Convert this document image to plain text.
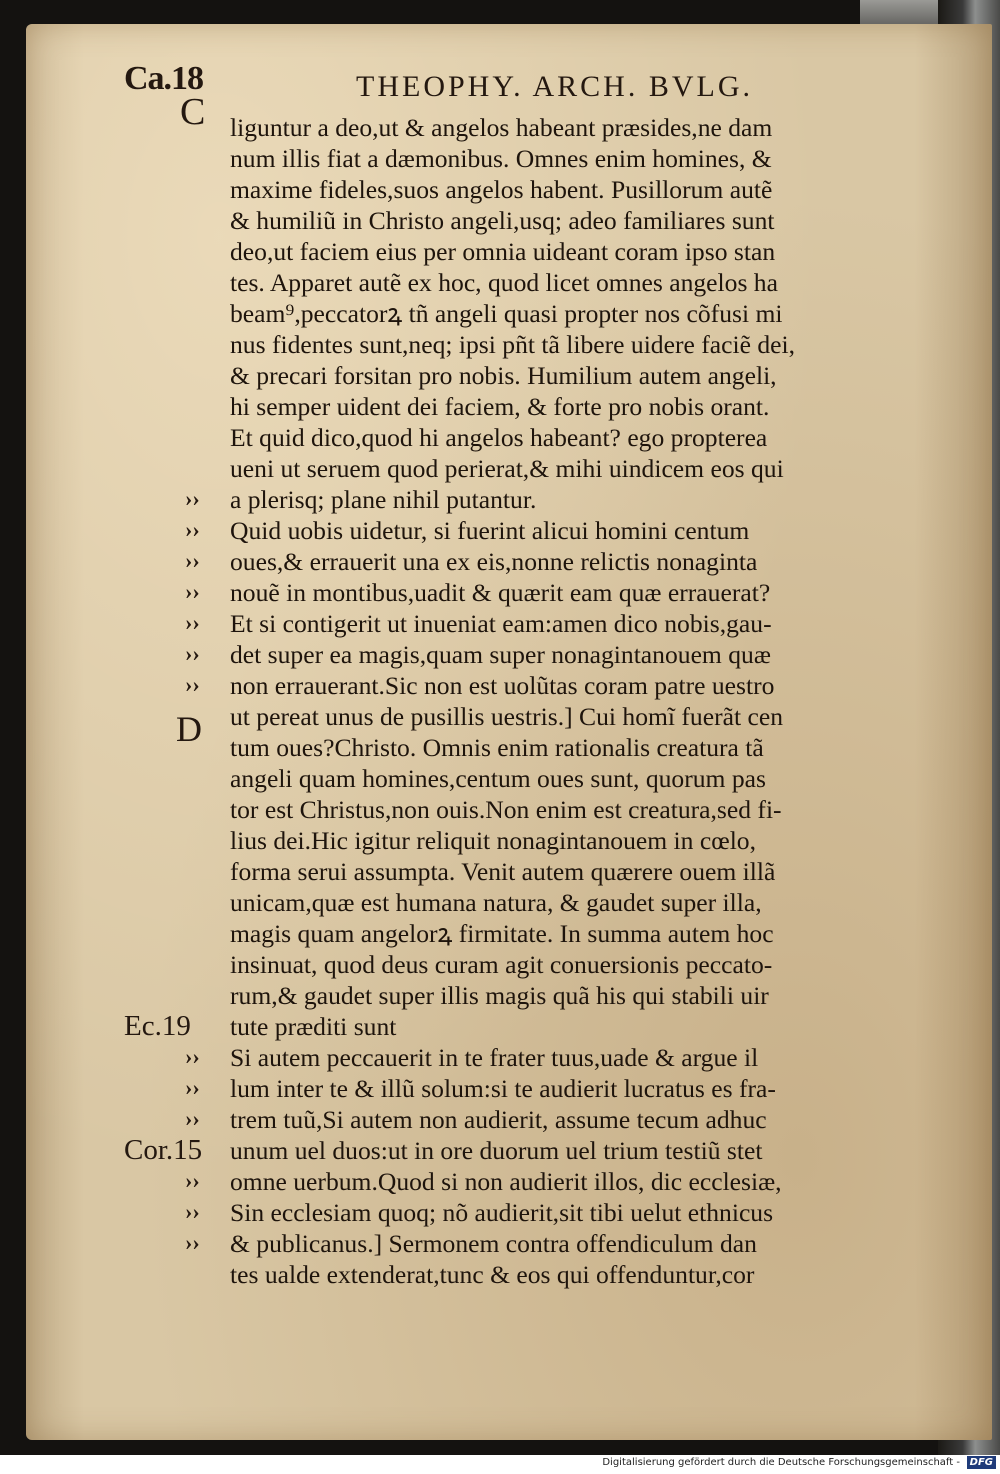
Ca.18	THEOPHY. ARCH. BVLG.
C
D
liguntur a deo,ut & angelos habeant præsides,ne dam
num illis fiat a dæmonibus. Omnes enim homines, &
maxime fideles,suos angelos habent. Pusillorum autẽ
& humiliũ in Christo angeli,usq; adeo familiares sunt
deo,ut faciem eius per omnia uideant coram ipso stan
tes. Apparet autẽ ex hoc, quod licet omnes angelos ha
beam⁹,peccatorꝝ tñ angeli quasi propter nos cõfusi mi
nus fidentes sunt,neq; ipsi pñt tã libere uidere faciẽ dei,
& precari forsitan pro nobis. Humilium autem angeli,
hi semper uident dei faciem, & forte pro nobis orant.
Et quid dico,quod hi angelos habeant? ego propterea
ueni ut seruem quod perierat,& mihi uindicem eos qui
a plerisq; plane nihil putantur.
Quid uobis uidetur, si fuerint alicui homini centum
oues,& errauerit una ex eis,nonne relictis nonaginta
nouẽ in montibus,uadit & quærit eam quæ errauerat?
Et si contigerit ut inueniat eam:amen dico nobis,gau-
det super ea magis,quam super nonagintanouem quæ
non errauerant.Sic non est uolũtas coram patre uestro
ut pereat unus de pusillis uestris.] Cui homĩ fuerãt cen
tum oues?Christo. Omnis enim rationalis creatura tã
angeli quam homines,centum oues sunt, quorum pas
tor est Christus,non ouis.Non enim est creatura,sed fi-
lius dei.Hic igitur reliquit nonagintanouem in cœlo,
forma serui assumpta. Venit autem quærere ouem illã
unicam,quæ est humana natura, & gaudet super illa,
magis quam angelorꝝ firmitate. In summa autem hoc
insinuat, quod deus curam agit conuersionis peccato-
rum,& gaudet super illis magis quã his qui stabili uir
tute præditi sunt
Si autem peccauerit in te frater tuus,uade & argue il
lum inter te & illũ solum:si te audierit lucratus es fra-
trem tuũ,Si autem non audierit, assume tecum adhuc
unum uel duos:ut in ore duorum uel trium testiũ stet
omne uerbum.Quod si non audierit illos, dic ecclesiæ,
Sin ecclesiam quoq; nõ audierit,sit tibi uelut ethnicus
& publicanus.] Sermonem contra offendiculum dan
tes ualde extenderat,tunc & eos qui offenduntur,cor
››
››
››
››
››
››
››
››
››
››
››
››
››
Ec.19
Cor.15
Digitalisierung gefördert durch die Deutsche Forschungsgemeinschaft - DFG
